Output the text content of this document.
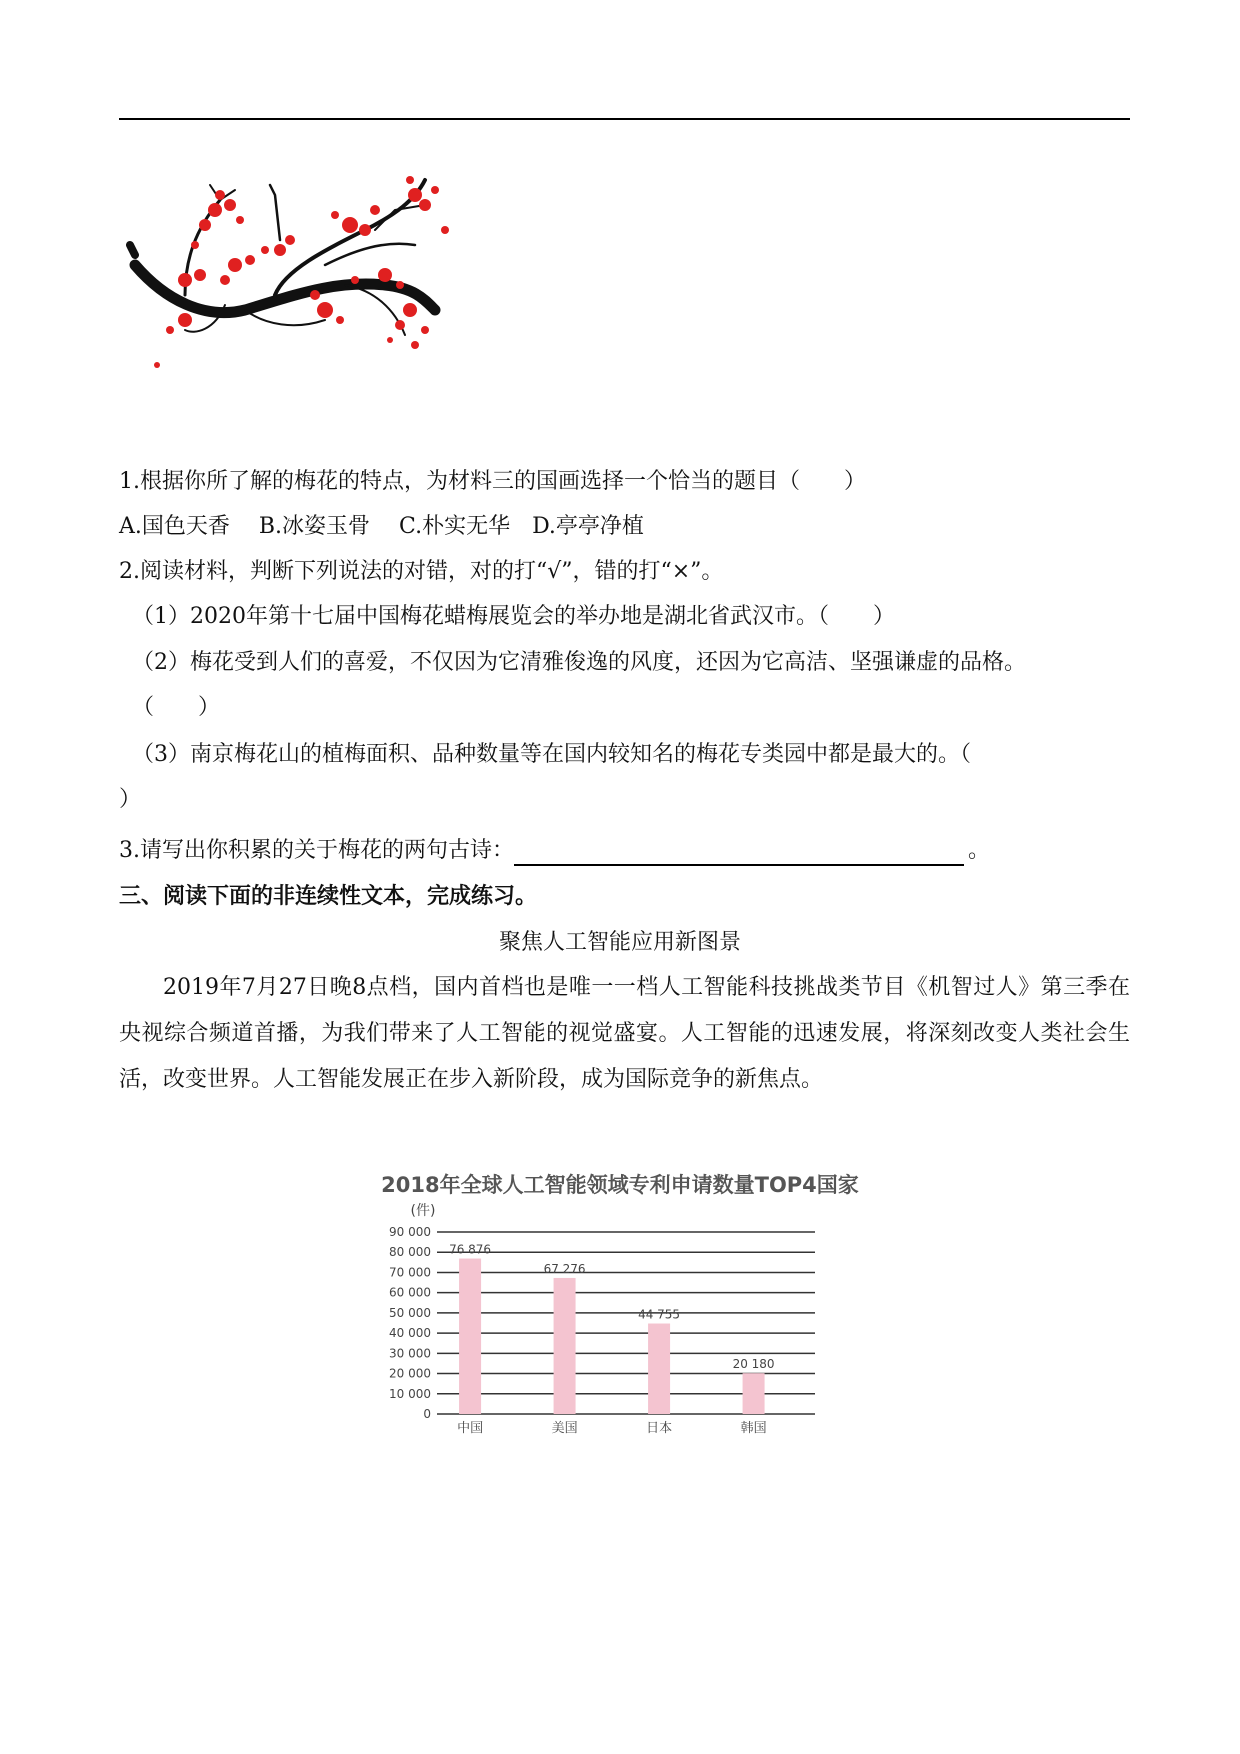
1.根据你所了解的梅花的特点，为材料三的国画选择一个恰当的题目（　　）
A.国色天香　 B.冰姿玉骨　 C.朴实无华　D.亭亭净植
2.阅读材料，判断下列说法的对错，对的打“√”，错的打“×”。
（1）2020年第十七届中国梅花蜡梅展览会的举办地是湖北省武汉市。（　　）
（2）梅花受到人们的喜爱，不仅因为它清雅俊逸的风度，还因为它高洁、坚强谦虚的品格。
（　　）
（3）南京梅花山的植梅面积、品种数量等在国内较知名的梅花专类园中都是最大的。（
）
3.请写出你积累的关于梅花的两句古诗：	。
三、阅读下面的非连续性文本，完成练习。
聚焦人工智能应用新图景
2019年7月27日晚8点档，国内首档也是唯一一档人工智能科技挑战类节目《机智过人》第三季在央视综合频道首播，为我们带来了人工智能的视觉盛宴。人工智能的迅速发展，将深刻改变人类社会生活，改变世界。人工智能发展正在步入新阶段，成为国际竞争的新焦点。
2018年全球人工智能领域专利申请数量TOP4国家
(件)
0
10 000
20 000
30 000
40 000
50 000
60 000
70 000
80 000
90 000
76 876
中国
67 276
美国
44 755
日本
20 180
韩国
